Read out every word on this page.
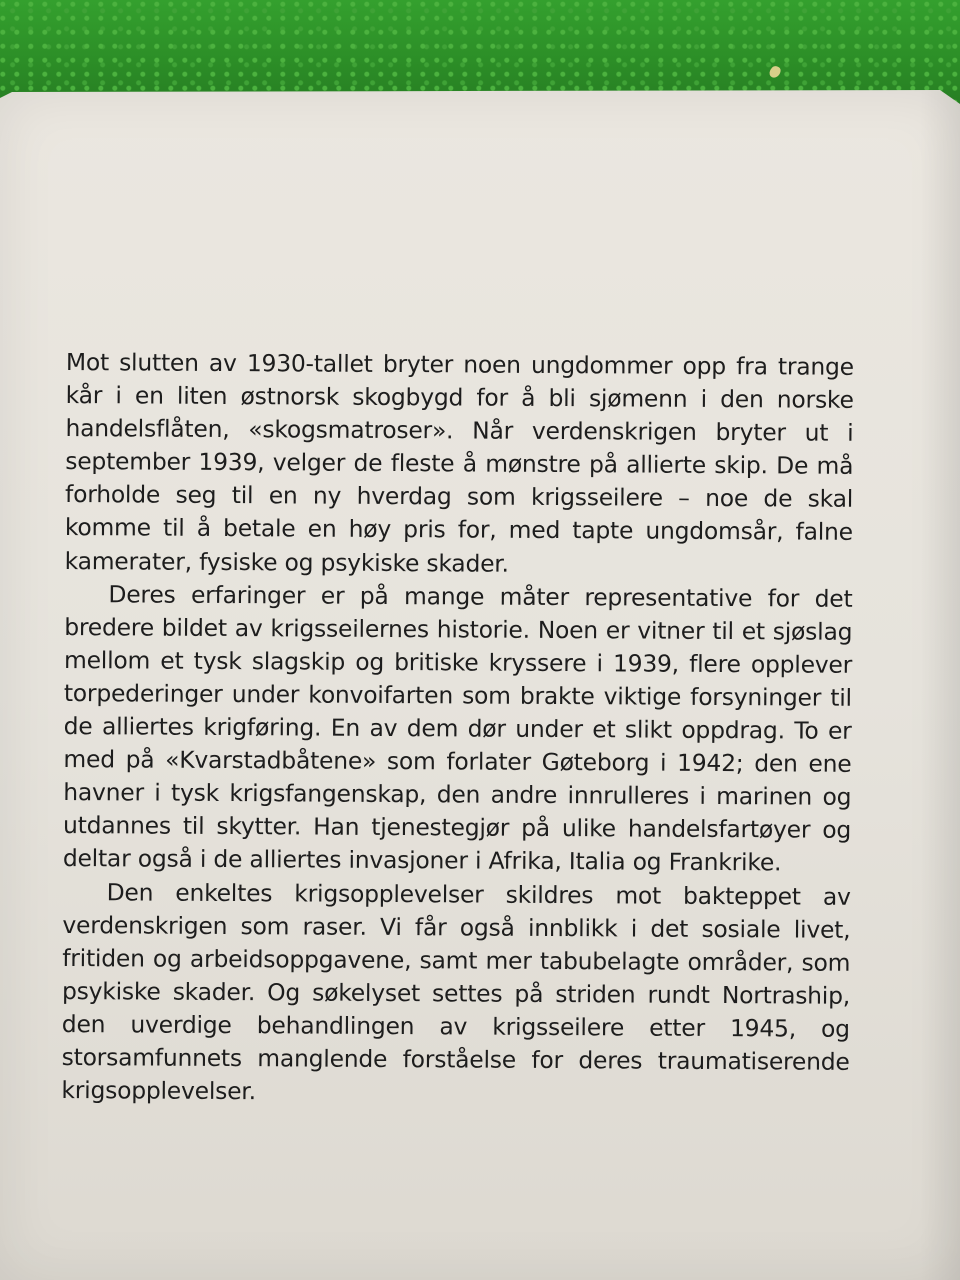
Mot slutten av 1930-tallet bryter noen ungdommer opp fra trange kår i en liten østnorsk skogbygd for å bli sjømenn i den norske handelsflåten, «skogsmatroser». Når verdenskrigen bryter ut i september 1939, velger de fleste å mønstre på allierte skip. De må forholde seg til en ny hverdag som krigsseilere – noe de skal komme til å betale en høy pris for, med tapte ungdomsår, falne kamerater, fysiske og psykiske skader.

Deres erfaringer er på mange måter representative for det bredere bildet av krigsseilernes historie. Noen er vitner til et sjøslag mellom et tysk slagskip og britiske kryssere i 1939, flere opplever torpederinger under konvoifarten som brakte viktige forsyninger til de alliertes krigføring. En av dem dør under et slikt oppdrag. To er med på «Kvarstadbåtene» som forlater Gøteborg i 1942; den ene havner i tysk krigsfangenskap, den andre innrulleres i marinen og utdannes til skytter. Han tjenestegjør på ulike handelsfartøyer og deltar også i de alliertes invasjoner i Afrika, Italia og Frankrike.

Den enkeltes krigsopplevelser skildres mot bakteppet av verdenskrigen som raser. Vi får også innblikk i det sosiale livet, fritiden og arbeidsoppgavene, samt mer tabubelagte områder, som psykiske skader. Og søkelyset settes på striden rundt Nortraship, den uverdige behandlingen av krigsseilere etter 1945, og storsamfunnets manglende forståelse for deres traumatiserende krigsopplevelser.
